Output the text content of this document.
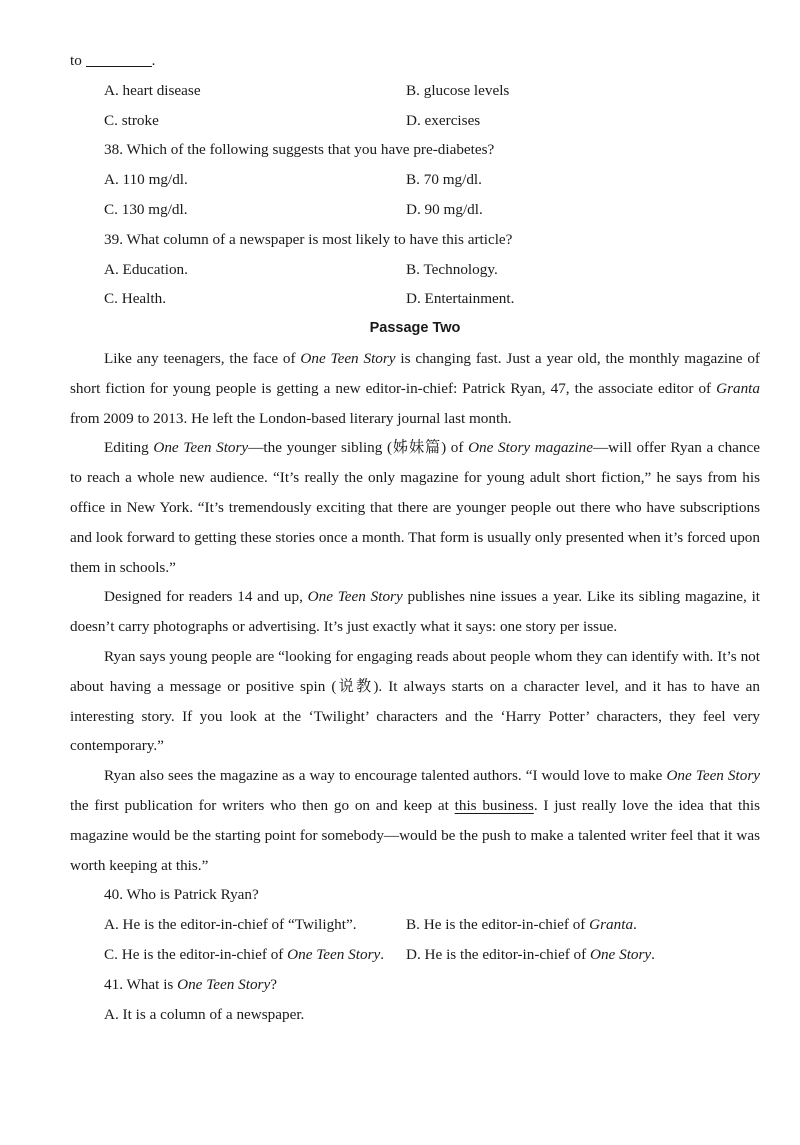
to	.
A. heart disease	B. glucose levels
C. stroke	D. exercises
38. Which of the following suggests that you have pre-diabetes?
A. 110 mg/dl.	B. 70 mg/dl.
C. 130 mg/dl.	D. 90 mg/dl.
39. What column of a newspaper is most likely to have this article?
A. Education.	B. Technology.
C. Health.	D. Entertainment.
Passage Two
Like any teenagers, the face of One Teen Story is changing fast. Just a year old, the monthly magazine of short fiction for young people is getting a new editor-in-chief: Patrick Ryan, 47, the associate editor of Granta from 2009 to 2013. He left the London-based literary journal last month.
Editing One Teen Story—the younger sibling (姊妹篇) of One Story magazine—will offer Ryan a chance to reach a whole new audience. “It’s really the only magazine for young adult short fiction,” he says from his office in New York. “It’s tremendously exciting that there are younger people out there who have subscriptions and look forward to getting these stories once a month. That form is usually only presented when it’s forced upon them in schools.”
Designed for readers 14 and up, One Teen Story publishes nine issues a year. Like its sibling magazine, it doesn’t carry photographs or advertising. It’s just exactly what it says: one story per issue.
Ryan says young people are “looking for engaging reads about people whom they can identify with. It’s not about having a message or positive spin (说教). It always starts on a character level, and it has to have an interesting story. If you look at the ‘Twilight’ characters and the ‘Harry Potter’ characters, they feel very contemporary.”
Ryan also sees the magazine as a way to encourage talented authors. “I would love to make One Teen Story the first publication for writers who then go on and keep at this business. I just really love the idea that this magazine would be the starting point for somebody—would be the push to make a talented writer feel that it was worth keeping at this.”
40. Who is Patrick Ryan?
A. He is the editor-in-chief of “Twilight”.	B. He is the editor-in-chief of Granta.
C. He is the editor-in-chief of One Teen Story.	D. He is the editor-in-chief of One Story.
41. What is One Teen Story?
A. It is a column of a newspaper.
